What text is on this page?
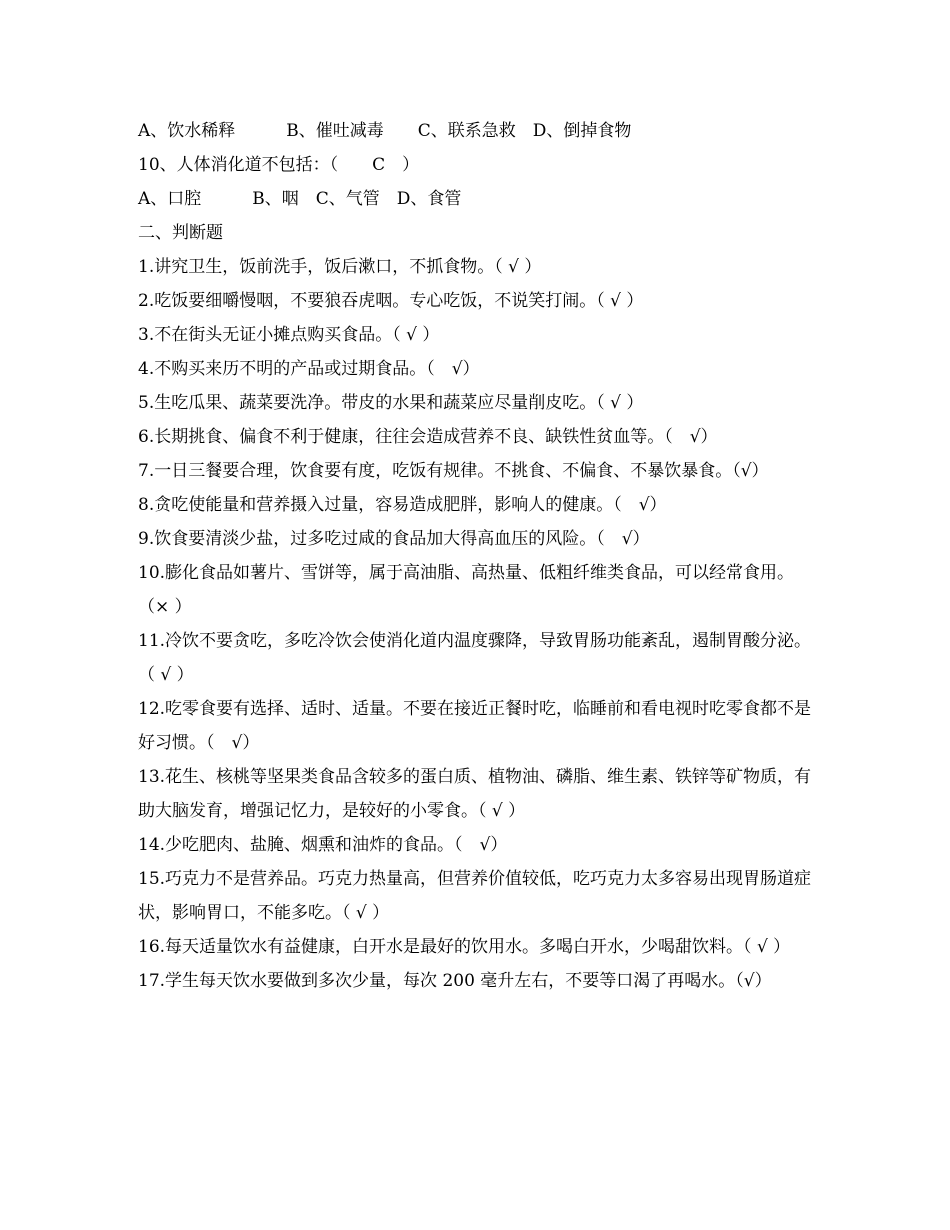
A、饮水稀释　　　B、催吐减毒　　C、联系急救　D、倒掉食物
10、人体消化道不包括：（　　C　）
A、口腔　　　B、咽　C、气管　D、食管
二、判断题
1.讲究卫生，饭前洗手，饭后漱口，不抓食物。（ √ ）
2.吃饭要细嚼慢咽，不要狼吞虎咽。专心吃饭，不说笑打闹。（ √ ）
3.不在街头无证小摊点购买食品。（ √ ）
4.不购买来历不明的产品或过期食品。（　√）
5.生吃瓜果、蔬菜要洗净。带皮的水果和蔬菜应尽量削皮吃。（ √ ）
6.长期挑食、偏食不利于健康，往往会造成营养不良、缺铁性贫血等。（　√）
7.一日三餐要合理，饮食要有度，吃饭有规律。不挑食、不偏食、不暴饮暴食。（√）
8.贪吃使能量和营养摄入过量，容易造成肥胖，影响人的健康。（　√）
9.饮食要清淡少盐，过多吃过咸的食品加大得高血压的风险。（　√）
10.膨化食品如薯片、雪饼等，属于高油脂、高热量、低粗纤维类食品，可以经常食用。（× ）
11.冷饮不要贪吃，多吃冷饮会使消化道内温度骤降，导致胃肠功能紊乱，遏制胃酸分泌。（ √ ）
12.吃零食要有选择、适时、适量。不要在接近正餐时吃，临睡前和看电视时吃零食都不是好习惯。（　√）
13.花生、核桃等坚果类食品含较多的蛋白质、植物油、磷脂、维生素、铁锌等矿物质，有助大脑发育，增强记忆力，是较好的小零食。（ √ ）
14.少吃肥肉、盐腌、烟熏和油炸的食品。（　√）
15.巧克力不是营养品。巧克力热量高，但营养价值较低，吃巧克力太多容易出现胃肠道症状，影响胃口，不能多吃。（ √ ）
16.每天适量饮水有益健康，白开水是最好的饮用水。多喝白开水，少喝甜饮料。（ √ ）
17.学生每天饮水要做到多次少量，每次 200 毫升左右，不要等口渴了再喝水。（√）
